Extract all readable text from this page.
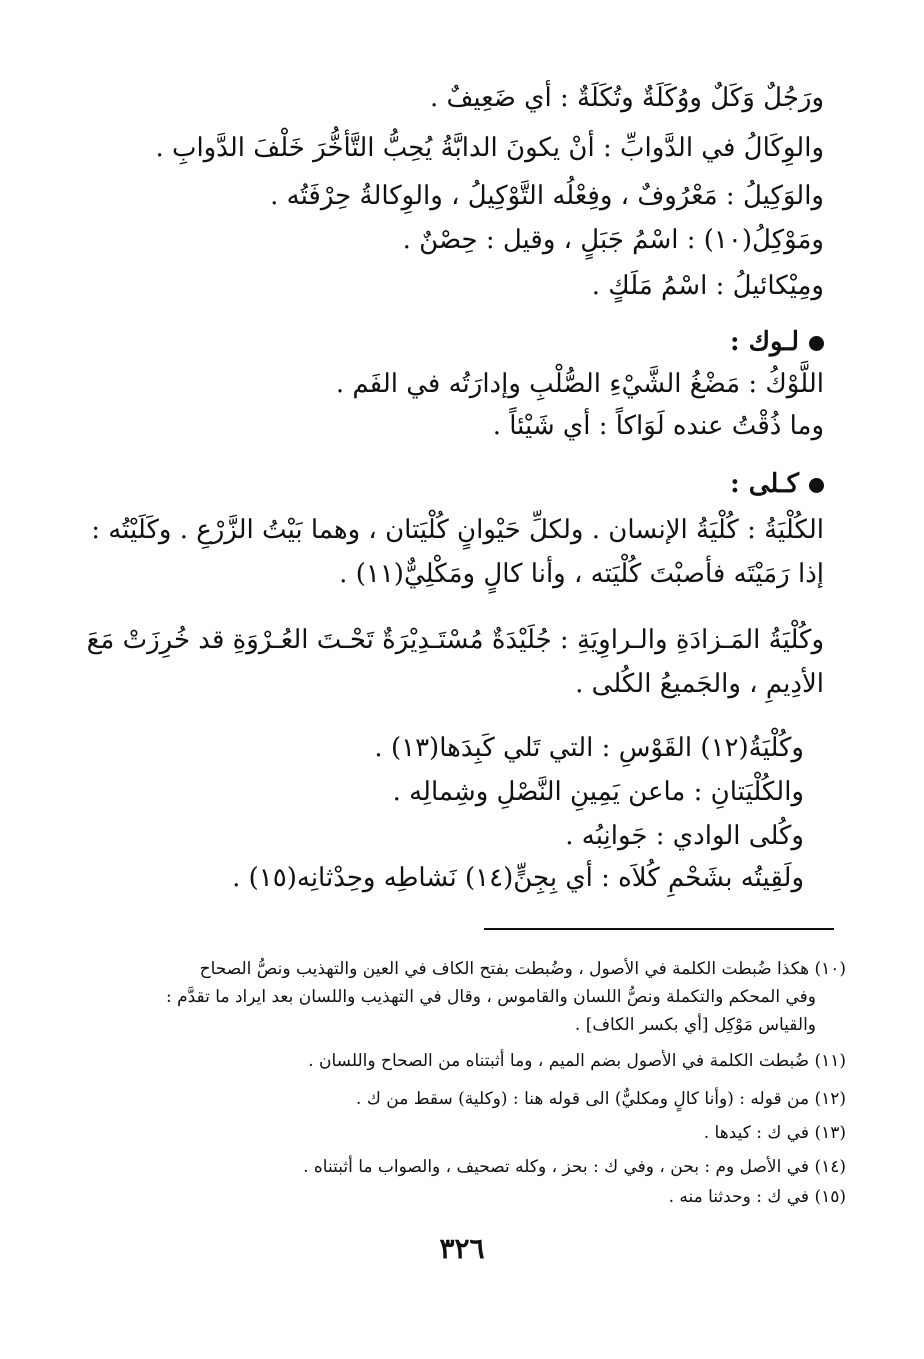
ورَجُلٌ وَكَلٌ ووُكَلَةٌ وتُكَلَةٌ : أي ضَعِيفٌ .
والوِكَالُ في الدَّوابِّ : أنْ يكونَ الدابَّةُ يُحِبُّ التَّأخُّرَ خَلْفَ الدَّوابِ .
والوَكِيلُ : مَعْرُوفٌ ، وفِعْلُه التَّوْكِيلُ ، والوِكالةُ حِرْفَتُه .
ومَوْكِلُ(١٠) : اسْمُ جَبَلٍ ، وقيل : حِصْنٌ .
ومِيْكائيلُ : اسْمُ مَلَكٍ .
لـوك :
اللَّوْكُ : مَضْغُ الشَّيْءِ الصُّلْبِ وإدارَتُه في الفَم .
وما ذُقْتُ عنده لَوَاكاً : أي شَيْئاً .
كـلى :
الكُلْيَةُ : كُلْيَةُ الإنسان . ولكلِّ حَيْوانٍ كُلْيَتان ، وهما بَيْتُ الزَّرْعِ . وكَلَيْتُه :
إذا رَمَيْتَه فأصبْتَ كُلْيَته ، وأنا كالٍ ومَكْلِيٌّ(١١) .
وكُلْيَةُ المَـزادَةِ والـراوِيَةِ : جُلَيْدَةٌ مُسْتَـدِيْرَةٌ تَحْـتَ العُـرْوَةِ قد خُرِزَتْ مَعَ
الأدِيمِ ، والجَميعُ الكُلى .
وكُلْيَةُ(١٢) القَوْسِ : التي تَلي كَبِدَها(١٣) .
والكُلْيَتانِ : ماعن يَمِينِ النَّصْلِ وشِمالِه .
وكُلى الوادي : جَوانِبُه .
ولَقِيتُه بشَحْمِ كُلاَه : أي بِجِنٍّ(١٤) نَشاطِه وحِدْثانِه(١٥) .
(١٠) هكذا ضُبطت الكلمة في الأصول ، وضُبطت بفتح الكاف في العين والتهذيب ونصُّ الصحاح
وفي المحكم والتكملة ونصُّ اللسان والقاموس ، وقال في التهذيب واللسان بعد ايراد ما تقدَّم :
والقياس مَوْكِل [أي بكسر الكاف] .
(١١) ضُبطت الكلمة في الأصول بضم الميم ، وما أثبتناه من الصحاح واللسان .
(١٢) من قوله : (وأنا كالٍ ومكليٌّ) الى قوله هنا : (وكلية) سقط من ك .
(١٣) في ك : كيدها .
(١٤) في الأصل وم : بحن ، وفي ك : بحز ، وكله تصحيف ، والصواب ما أثبتناه .
(١٥) في ك : وحدثنا منه .
٣٢٦
